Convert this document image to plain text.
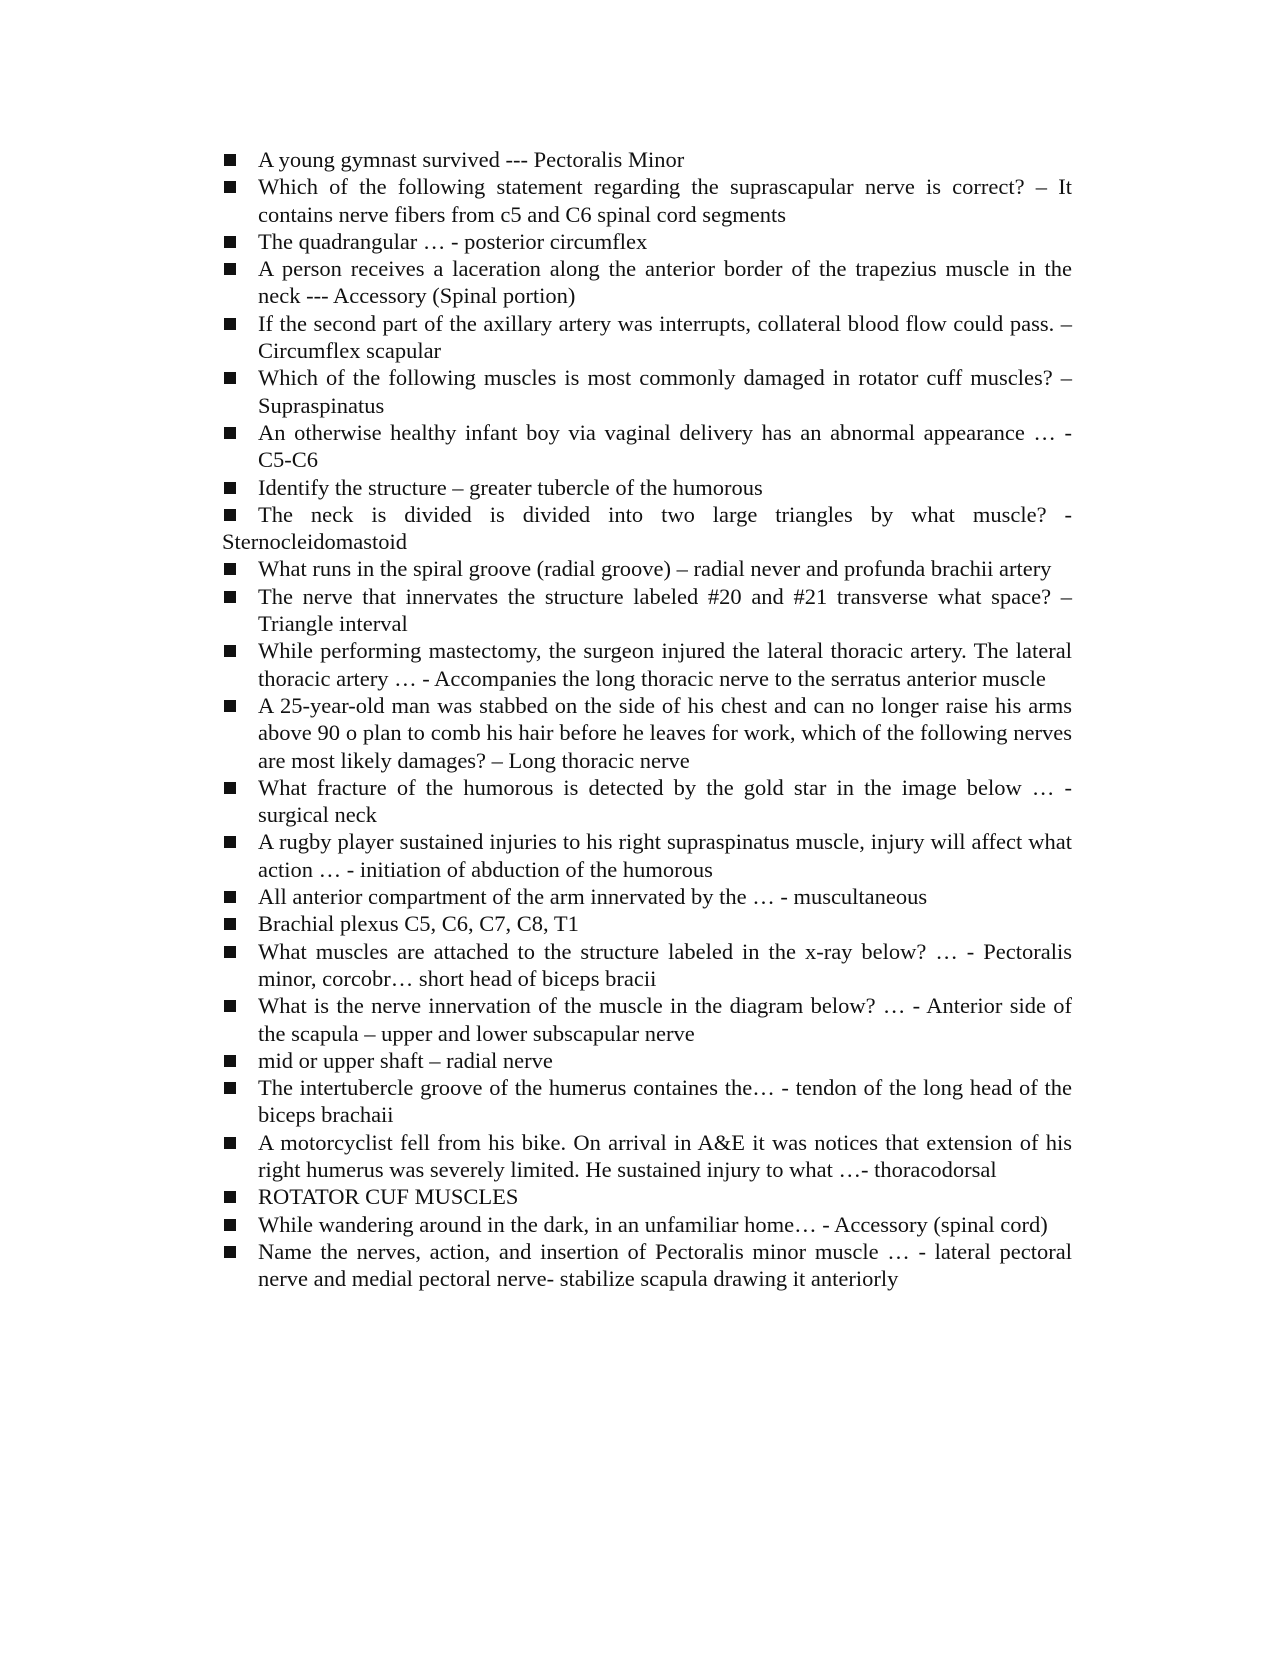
A young gymnast survived --- Pectoralis Minor
Which of the following statement regarding the suprascapular nerve is correct? – It contains nerve fibers from c5 and C6 spinal cord segments
The quadrangular … - posterior circumflex
A person receives a laceration along the anterior border of the trapezius muscle in the neck --- Accessory (Spinal portion)
If the second part of the axillary artery was interrupts, collateral blood flow could pass. – Circumflex scapular
Which of the following muscles is most commonly damaged in rotator cuff muscles? – Supraspinatus
An otherwise healthy infant boy via vaginal delivery has an abnormal appearance … - C5-C6
Identify the structure – greater tubercle of the humorous
The neck is divided is divided into two large triangles by what muscle? - Sternocleidomastoid
What runs in the spiral groove (radial groove) – radial never and profunda brachii artery
The nerve that innervates the structure labeled #20 and #21 transverse what space? – Triangle interval
While performing mastectomy, the surgeon injured the lateral thoracic artery. The lateral thoracic artery … - Accompanies the long thoracic nerve to the serratus anterior muscle
A 25-year-old man was stabbed on the side of his chest and can no longer raise his arms above 90 o plan to comb his hair before he leaves for work, which of the following nerves are most likely damages? – Long thoracic nerve
What fracture of the humorous is detected by the gold star in the image below … - surgical neck
A rugby player sustained injuries to his right supraspinatus muscle, injury will affect what action … - initiation of abduction of the humorous
All anterior compartment of the arm innervated by the … - muscultaneous
Brachial plexus C5, C6, C7, C8, T1
What muscles are attached to the structure labeled in the x-ray below? … - Pectoralis minor, corcobr… short head of biceps bracii
What is the nerve innervation of the muscle in the diagram below? … - Anterior side of the scapula – upper and lower subscapular nerve
mid or upper shaft – radial nerve
The intertubercle groove of the humerus containes the… - tendon of the long head of the biceps brachaii
A motorcyclist fell from his bike. On arrival in A&E it was notices that extension of his right humerus was severely limited. He sustained injury to what …- thoracodorsal
ROTATOR CUF MUSCLES
While wandering around in the dark, in an unfamiliar home… - Accessory (spinal cord)
Name the nerves, action, and insertion of Pectoralis minor muscle … - lateral pectoral nerve and medial pectoral nerve- stabilize scapula drawing it anteriorly
